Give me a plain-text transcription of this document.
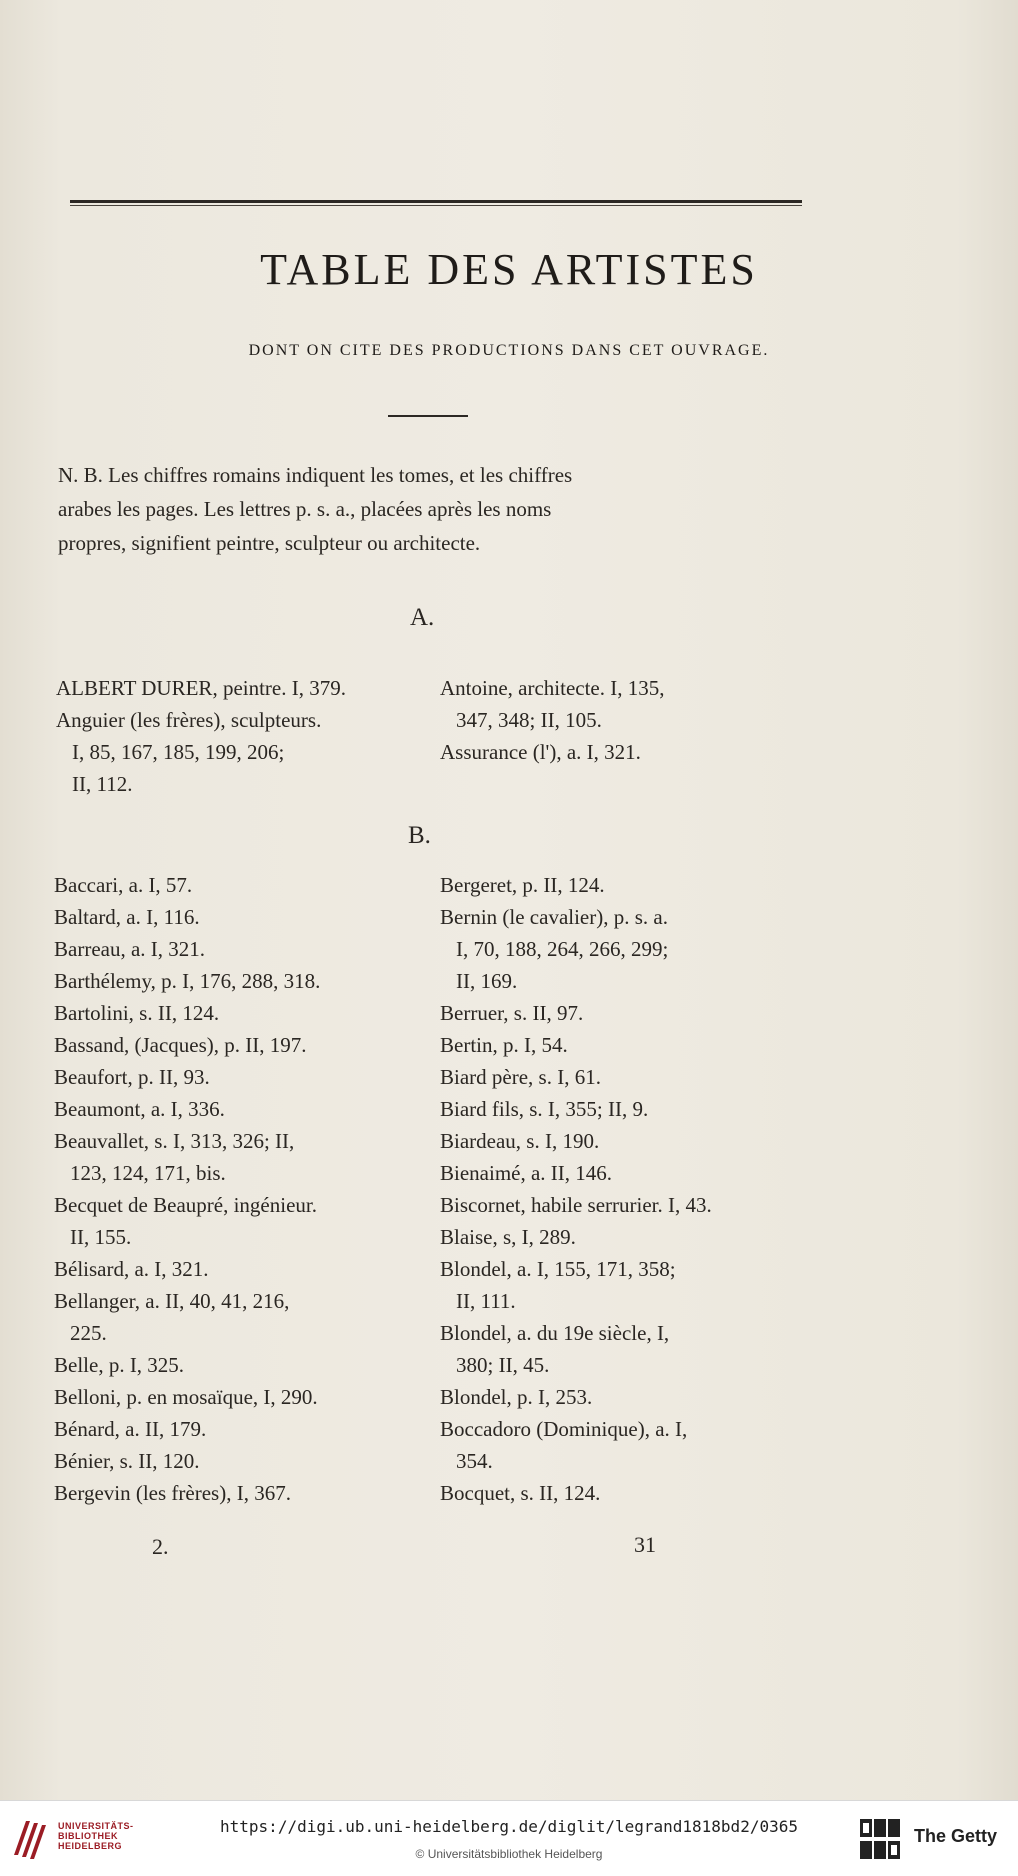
TABLE DES ARTISTES
DONT ON CITE DES PRODUCTIONS DANS CET OUVRAGE.
N. B. Les chiffres romains indiquent les tomes, et les chiffres
arabes les pages. Les lettres p. s. a., placées après les noms
propres, signifient peintre, sculpteur ou architecte.
A.
ALBERT DURER, peintre. I, 379.
Anguier (les frères), sculpteurs.
I, 85, 167, 185, 199, 206;
II, 112.
Antoine, architecte. I, 135,
347, 348; II, 105.
Assurance (l'), a. I, 321.
B.
Baccari, a. I, 57.
Baltard, a. I, 116.
Barreau, a. I, 321.
Barthélemy, p. I, 176, 288, 318.
Bartolini, s. II, 124.
Bassand, (Jacques), p. II, 197.
Beaufort, p. II, 93.
Beaumont, a. I, 336.
Beauvallet, s. I, 313, 326; II,
123, 124, 171, bis.
Becquet de Beaupré, ingénieur.
II, 155.
Bélisard, a. I, 321.
Bellanger, a. II, 40, 41, 216,
225.
Belle, p. I, 325.
Belloni, p. en mosaïque, I, 290.
Bénard, a. II, 179.
Bénier, s. II, 120.
Bergevin (les frères), I, 367.
Bergeret, p. II, 124.
Bernin (le cavalier), p. s. a.
I, 70, 188, 264, 266, 299;
II, 169.
Berruer, s. II, 97.
Bertin, p. I, 54.
Biard père, s. I, 61.
Biard fils, s. I, 355; II, 9.
Biardeau, s. I, 190.
Bienaimé, a. II, 146.
Biscornet, habile serrurier. I, 43.
Blaise, s, I, 289.
Blondel, a. I, 155, 171, 358;
II, 111.
Blondel, a. du 19e siècle, I,
380; II, 45.
Blondel, p. I, 253.
Boccadoro (Dominique), a. I,
354.
Bocquet, s. II, 124.
2.	31
UNIVERSITÄTS-
BIBLIOTHEK
HEIDELBERG
https://digi.ub.uni-heidelberg.de/diglit/legrand1818bd2/0365
© Universitätsbibliothek Heidelberg
The Getty
